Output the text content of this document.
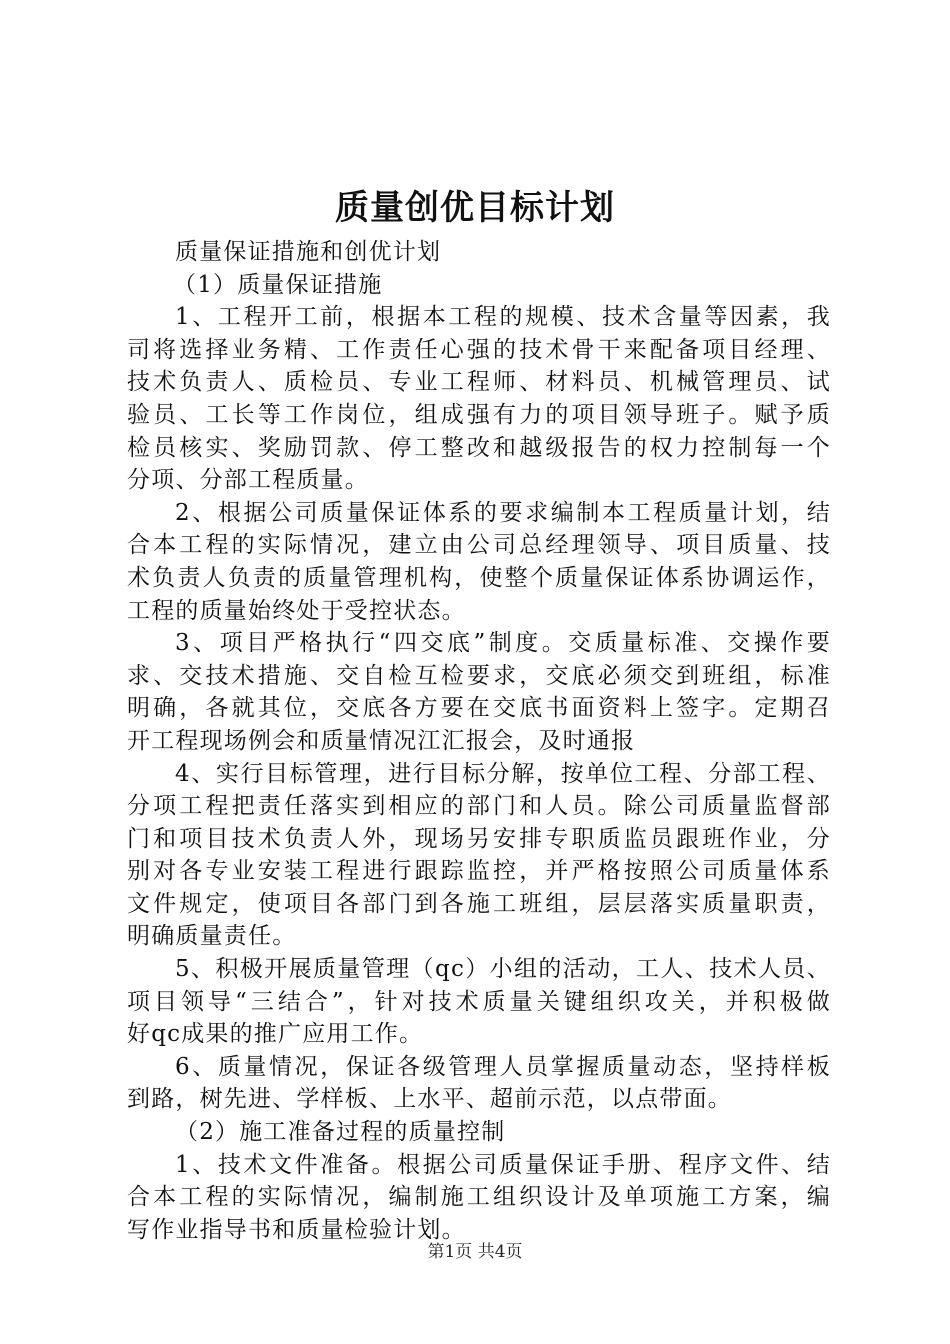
质量创优目标计划
质量保证措施和创优计划
（1）质量保证措施
1、工程开工前，根据本工程的规模、技术含量等因素，我
司将选择业务精、工作责任心强的技术骨干来配备项目经理、
技术负责人、质检员、专业工程师、材料员、机械管理员、试
验员、工长等工作岗位，组成强有力的项目领导班子。赋予质
检员核实、奖励罚款、停工整改和越级报告的权力控制每一个
分项、分部工程质量。
2、根据公司质量保证体系的要求编制本工程质量计划，结
合本工程的实际情况，建立由公司总经理领导、项目质量、技
术负责人负责的质量管理机构，使整个质量保证体系协调运作，
工程的质量始终处于受控状态。
3、项目严格执行“四交底”制度。交质量标准、交操作要
求、交技术措施、交自检互检要求，交底必须交到班组，标准
明确，各就其位，交底各方要在交底书面资料上签字。定期召
开工程现场例会和质量情况江汇报会，及时通报
4、实行目标管理，进行目标分解，按单位工程、分部工程、
分项工程把责任落实到相应的部门和人员。除公司质量监督部
门和项目技术负责人外，现场另安排专职质监员跟班作业，分
别对各专业安装工程进行跟踪监控，并严格按照公司质量体系
文件规定，使项目各部门到各施工班组，层层落实质量职责，
明确质量责任。
5、积极开展质量管理（qc）小组的活动，工人、技术人员、
项目领导“三结合”，针对技术质量关键组织攻关，并积极做
好qc成果的推广应用工作。
6、质量情况，保证各级管理人员掌握质量动态，坚持样板
到路，树先进、学样板、上水平、超前示范，以点带面。
（2）施工准备过程的质量控制
1、技术文件准备。根据公司质量保证手册、程序文件、结
合本工程的实际情况，编制施工组织设计及单项施工方案，编
写作业指导书和质量检验计划。
第1页 共4页
